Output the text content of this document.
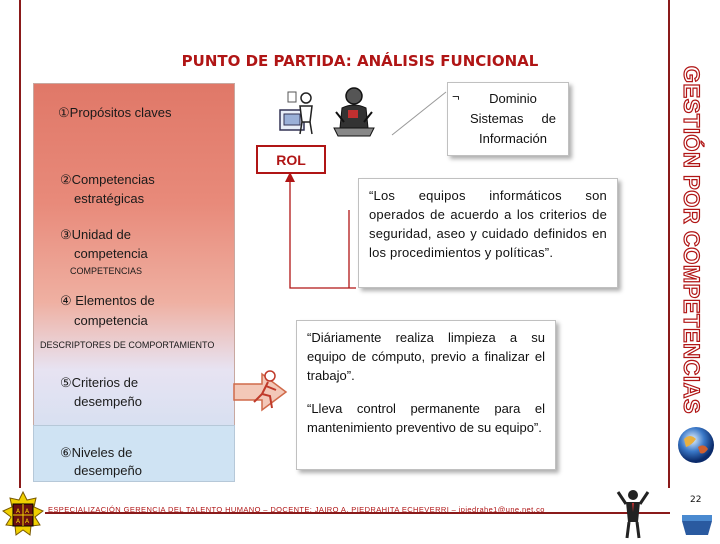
PUNTO DE PARTIDA: ANÁLISIS FUNCIONAL
GESTIÓN POR COMPETENCIAS
①Propósitos claves
②Competencias
estratégicas
③Unidad de
competencia
COMPETENCIAS
④ Elementos de
competencia
DESCRIPTORES DE COMPORTAMIENTO
⑤Criterios de
desempeño
⑥Niveles de
desempeño
¬	Dominio
Sistemas de
Información
ROL
“Los equipos informáticos son operados de acuerdo a los criterios de seguridad, aseo y cuidado definidos en los procedimientos y políticas”.
“Diáriamente realiza limpieza a su equipo de cómputo, previo a finalizar el trabajo”.
“Lleva control permanente para el mantenimiento preventivo de su equipo”.
A A
A A
ESPECIALIZACIÓN GERENCIA DEL TALENTO HUMANO – DOCENTE: JAIRO A. PIEDRAHITA ECHEVERRI – jpiedrahe1@une.net.co
22
